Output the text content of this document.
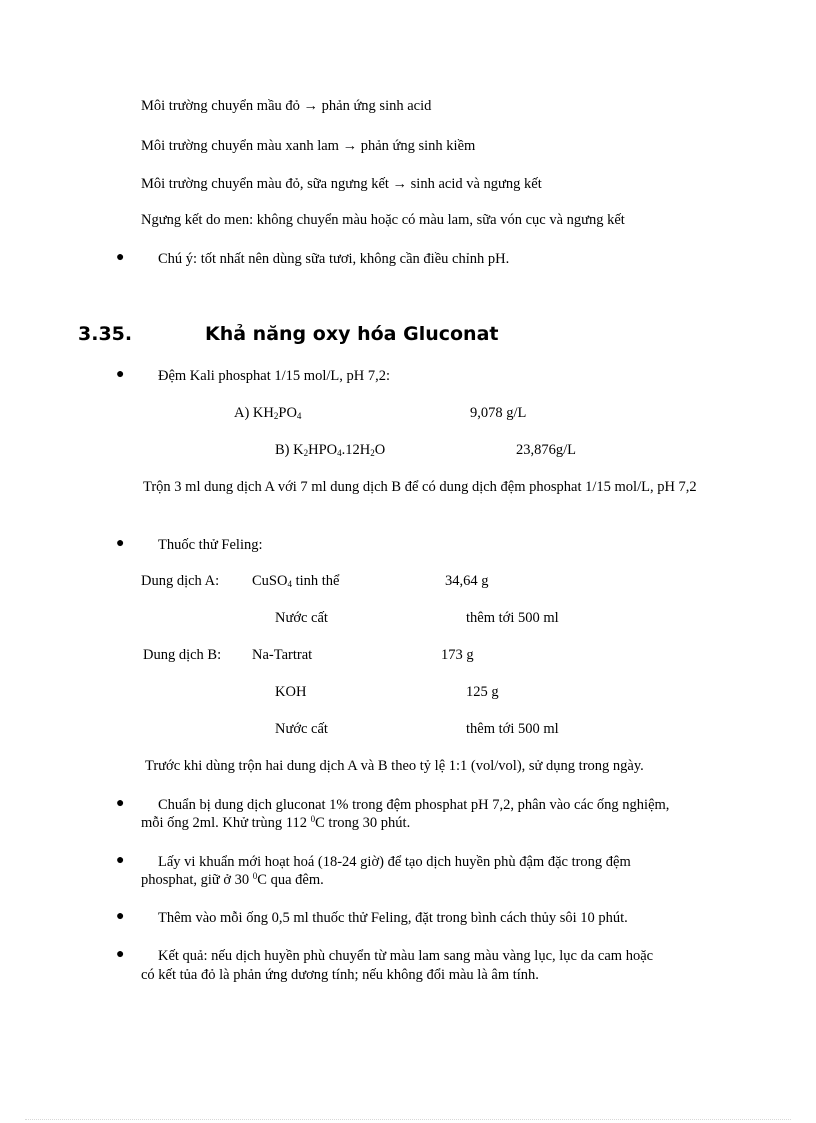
Môi trường chuyển mầu đỏ → phản ứng sinh acid
Môi trường chuyển màu xanh lam → phản ứng sinh kiềm
Môi trường chuyển màu đỏ, sữa ngưng kết → sinh acid và ngưng kết
Ngưng kết do men: không chuyển màu hoặc có màu lam, sữa vón cục và ngưng kết
● Chú ý: tốt nhất nên dùng sữa tươi, không cần điều chỉnh pH.
3.35.	Khả năng oxy hóa Gluconat
● Đệm Kali phosphat 1/15 mol/L, pH 7,2:
A) $KH_2PO_4$	9,078 g/L
B) $K_2HPO_4.12H_2O$	23,876g/L
Trộn 3 ml dung dịch A với 7 ml dung dịch B để có dung dịch đệm phosphat 1/15 mol/L, pH 7,2
● Thuốc thử Feling:
Dung dịch A: CuSO$_4$ tinh thể	34,64 g
Nước cất	thêm tới 500 ml
Dung dịch B: Na-Tartrat	173 g
KOH	125 g
Nước cất	thêm tới 500 ml
Trước khi dùng trộn hai dung dịch A và B theo tỷ lệ 1:1 (vol/vol), sử dụng trong ngày.
● Chuẩn bị dung dịch gluconat 1% trong đệm phosphat pH 7,2, phân vào các ống nghiệm,
mỗi ống 2ml. Khử trùng 112 $^0$C trong 30 phút.
● Lấy vi khuẩn mới hoạt hoá (18-24 giờ) để tạo dịch huyền phù đậm đặc trong đệm
phosphat, giữ ở 30 $^0$C qua đêm.
● Thêm vào mỗi ống 0,5 ml thuốc thử Feling, đặt trong bình cách thủy sôi 10 phút.
● Kết quả: nếu dịch huyền phù chuyển từ màu lam sang màu vàng lục, lục da cam hoặc
có kết tủa đỏ là phản ứng dương tính; nếu không đổi màu là âm tính.
